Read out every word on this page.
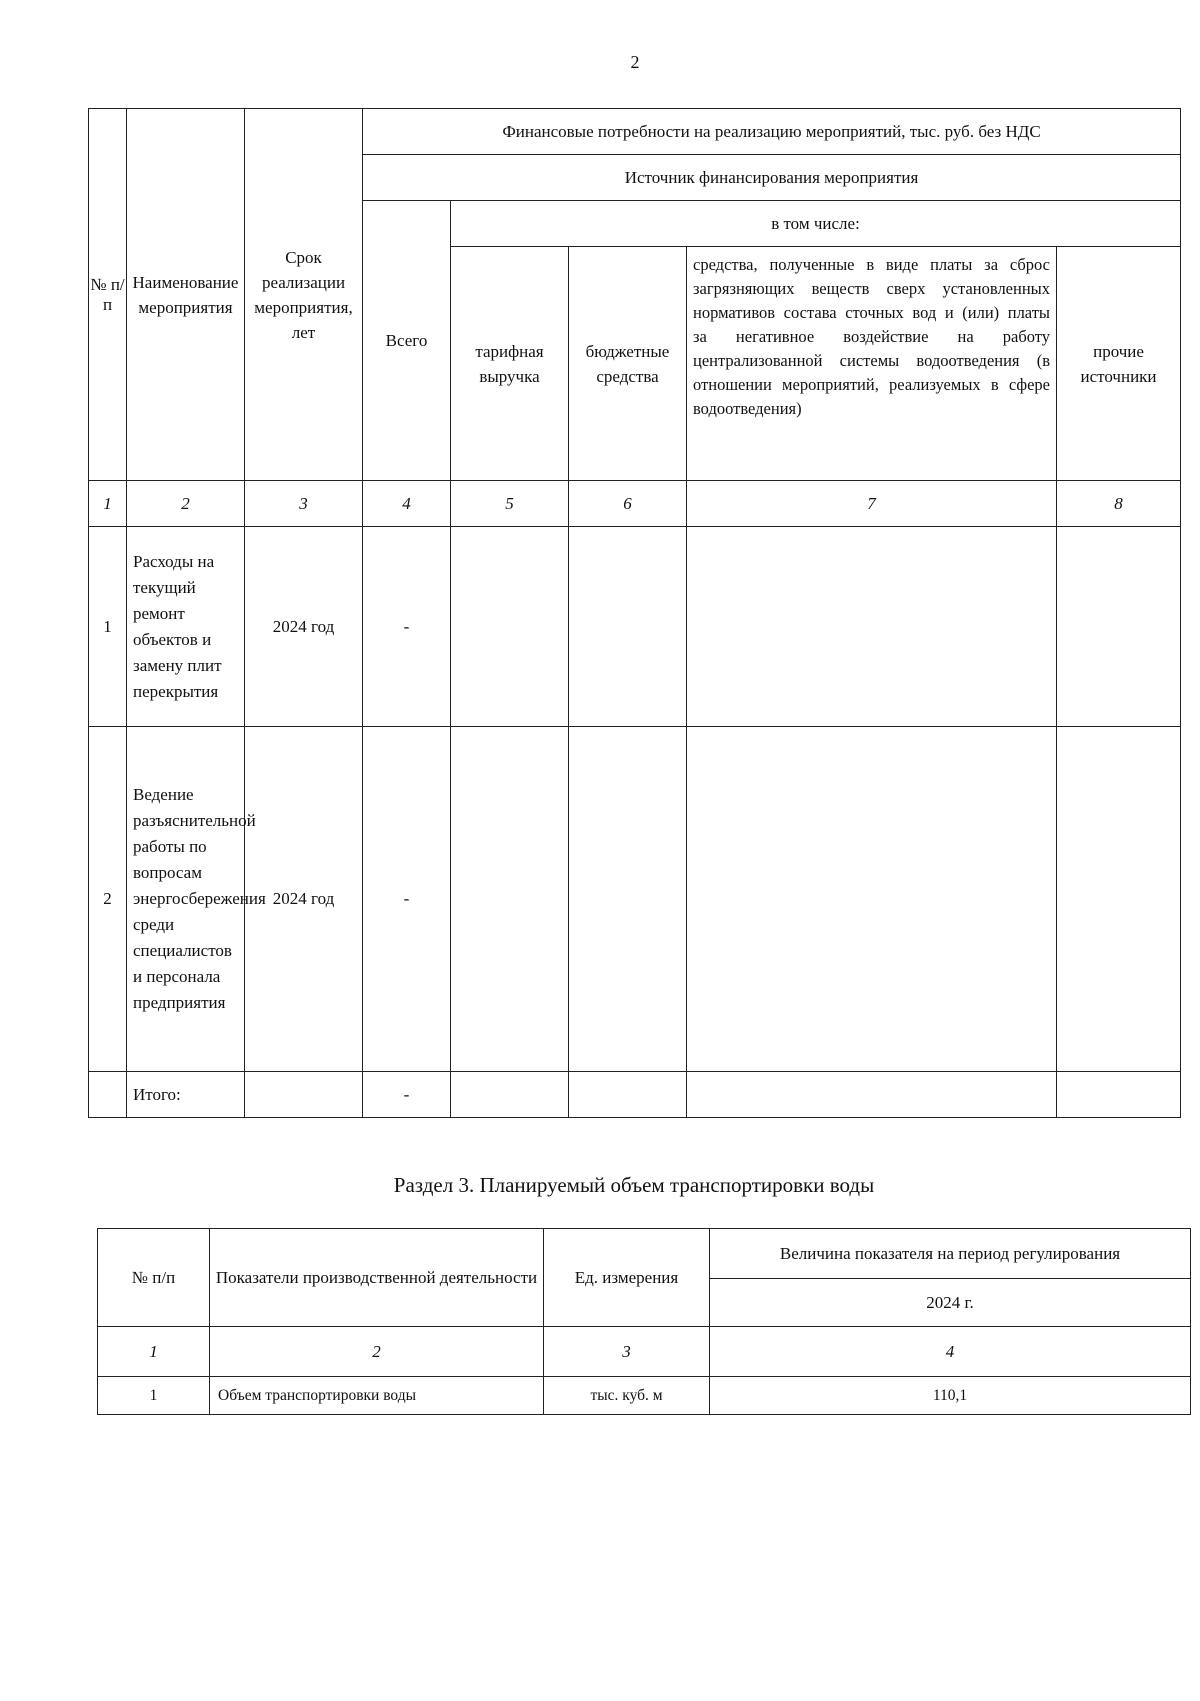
2
№ п/п	Наименование мероприятия	Срок реализации мероприятия, лет	Финансовые потребности на реализацию мероприятий, тыс. руб. без НДС				
			Источник финансирования мероприятия				
			Всего	в том числе:			
				тарифная выручка	бюджетные средства	средства, полученные в виде платы за сброс загрязняющих веществ сверх установленных нормативов состава сточных вод и (или) платы за негативное воздействие на работу централизованной системы водоотведения (в отношении мероприятий, реализуемых в сфере водоотведения)	прочие источники
1	2	3	4	5	6	7	8
1	Расходы на текущий ремонт объектов и замену плит перекрытия	2024 год	-				
2	Ведение разъяснительной работы по вопросам энергосбережения среди специалистов и персонала предприятия	2024 год	-				
	Итого:		-				
Раздел 3. Планируемый объем транспортировки воды
№ п/п	Показатели производственной деятельности	Ед. измерения	Величина показателя на период регулирования
			2024 г.
1	2	3	4
1	Объем транспортировки воды	тыс. куб. м	110,1
